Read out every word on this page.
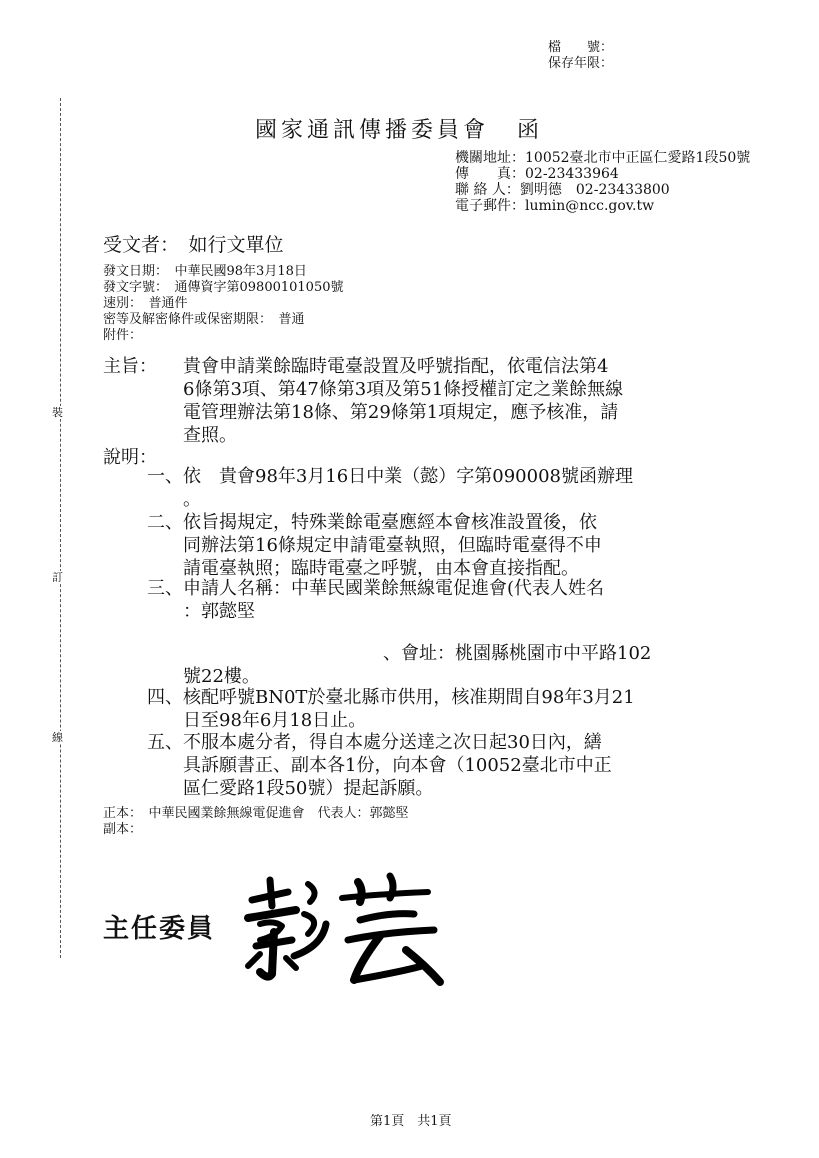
檔　　號：
保存年限：
裝
訂
線
國家通訊傳播委員會 函
機關地址：10052臺北市中正區仁愛路1段50號
傳　　真：02-23433964
聯 絡 人：劉明德　02-23433800
電子郵件：lumin@ncc.gov.tw
受文者：　如行文單位
發文日期：　中華民國98年3月18日
發文字號：　通傳資字第09800101050號
速別：　普通件
密等及解密條件或保密期限：　普通
附件：
主旨：	貴會申請業餘臨時電臺設置及呼號指配，依電信法第4
6條第3項、第47條第3項及第51條授權訂定之業餘無線
電管理辦法第18條、第29條第1項規定，應予核准，請
查照。
說明：
一、 依　貴會98年3月16日中業（懿）字第090008號函辦理
。
二、 依旨揭規定，特殊業餘電臺應經本會核准設置後，依
同辦法第16條規定申請電臺執照，但臨時電臺得不申
請電臺執照；臨時電臺之呼號，由本會直接指配。
三、 申請人名稱：中華民國業餘無線電促進會(代表人姓名
：郭懿堅
、會址：桃園縣桃園市中平路102
號22樓。
四、 核配呼號BN0T於臺北縣市供用，核准期間自98年3月21
日至98年6月18日止。
五、 不服本處分者，得自本處分送達之次日起30日內，繕
具訴願書正、副本各1份，向本會（10052臺北市中正
區仁愛路1段50號）提起訴願。
正本：　中華民國業餘無線電促進會　代表人：郭懿堅
副本：
主任委員
第1頁　共1頁
